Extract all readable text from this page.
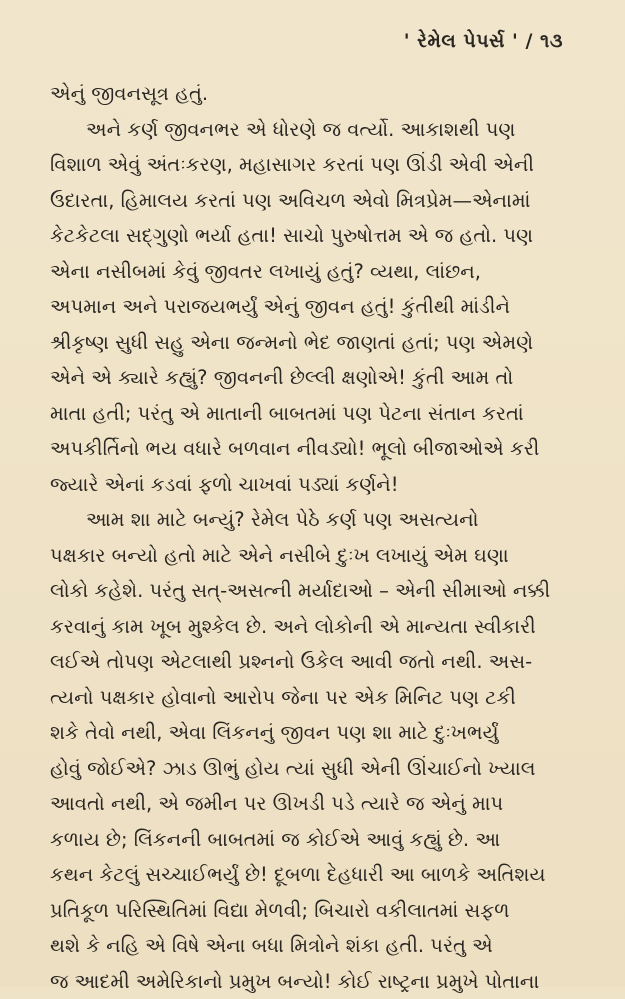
' રેમેલ પેપર્સ ' / ૧૩
એનું જીવનસૂત્ર હતું.
અને કર્ણ જીવનભર એ ધોરણે જ વર્ત્યો. આકાશથી પણ
વિશાળ એવું અંતઃકરણ, મહાસાગર કરતાં પણ ઊંડી એવી એની
ઉદારતા, હિમાલય કરતાં પણ અવિચળ એવો મિત્રપ્રેમ—એનામાં
કેટકેટલા સદ્ગુણો ભર્યા હતા! સાચો પુરુષોત્તમ એ જ હતો. પણ
એના નસીબમાં કેવું જીવતર લખાયું હતું? વ્યથા, લાંછન,
અપમાન અને પરાજયભર્યું એનું જીવન હતું! કુંતીથી માંડીને
શ્રીકૃષ્ણ સુધી સહુ એના જન્મનો ભેદ જાણતાં હતાં; પણ એમણે
એને એ ક્યારે કહ્યું? જીવનની છેલ્લી ક્ષણોએ! કુંતી આમ તો
માતા હતી; પરંતુ એ માતાની બાબતમાં પણ પેટના સંતાન કરતાં
અપકીર્તિનો ભય વધારે બળવાન નીવડ્યો! ભૂલો બીજાઓએ કરી
જ્યારે એનાં કડવાં ફળો ચાખવાં પડ્યાં કર્ણને!
આમ શા માટે બન્યું? રેમેલ પેઠે કર્ણ પણ અસત્યનો
પક્ષકાર બન્યો હતો માટે એને નસીબે દુઃખ લખાયું એમ ઘણા
લોકો કહેશે. પરંતુ સત્-અસત્ની મર્યાદાઓ – એની સીમાઓ નક્કી
કરવાનું કામ ખૂબ મુશ્કેલ છે. અને લોકોની એ માન્યતા સ્વીકારી
લઈએ તોપણ એટલાથી પ્રશ્નનો ઉકેલ આવી જતો નથી. અસ-
ત્યનો પક્ષકાર હોવાનો આરોપ જેના પર એક મિનિટ પણ ટકી
શકે તેવો નથી, એવા લિંકનનું જીવન પણ શા માટે દુઃખભર્યું
હોવું જોઈએ? ઝાડ ઊભું હોય ત્યાં સુધી એની ઊંચાઈનો ખ્યાલ
આવતો નથી, એ જમીન પર ઊખડી પડે ત્યારે જ એનું માપ
કળાય છે; લિંકનની બાબતમાં જ કોઈએ આવું કહ્યું છે. આ
કથન કેટલું સચ્ચાઈભર્યું છે! દૂબળા દેહધારી આ બાળકે અતિશય
પ્રતિકૂળ પરિસ્થિતિમાં વિદ્યા મેળવી; બિચારો વકીલાતમાં સફળ
થશે કે નહિ એ વિષે એના બધા મિત્રોને શંકા હતી. પરંતુ એ
જ આદમી અમેરિકાનો પ્રમુખ બન્યો! કોઈ રાષ્ટ્રના પ્રમુખે પોતાના
